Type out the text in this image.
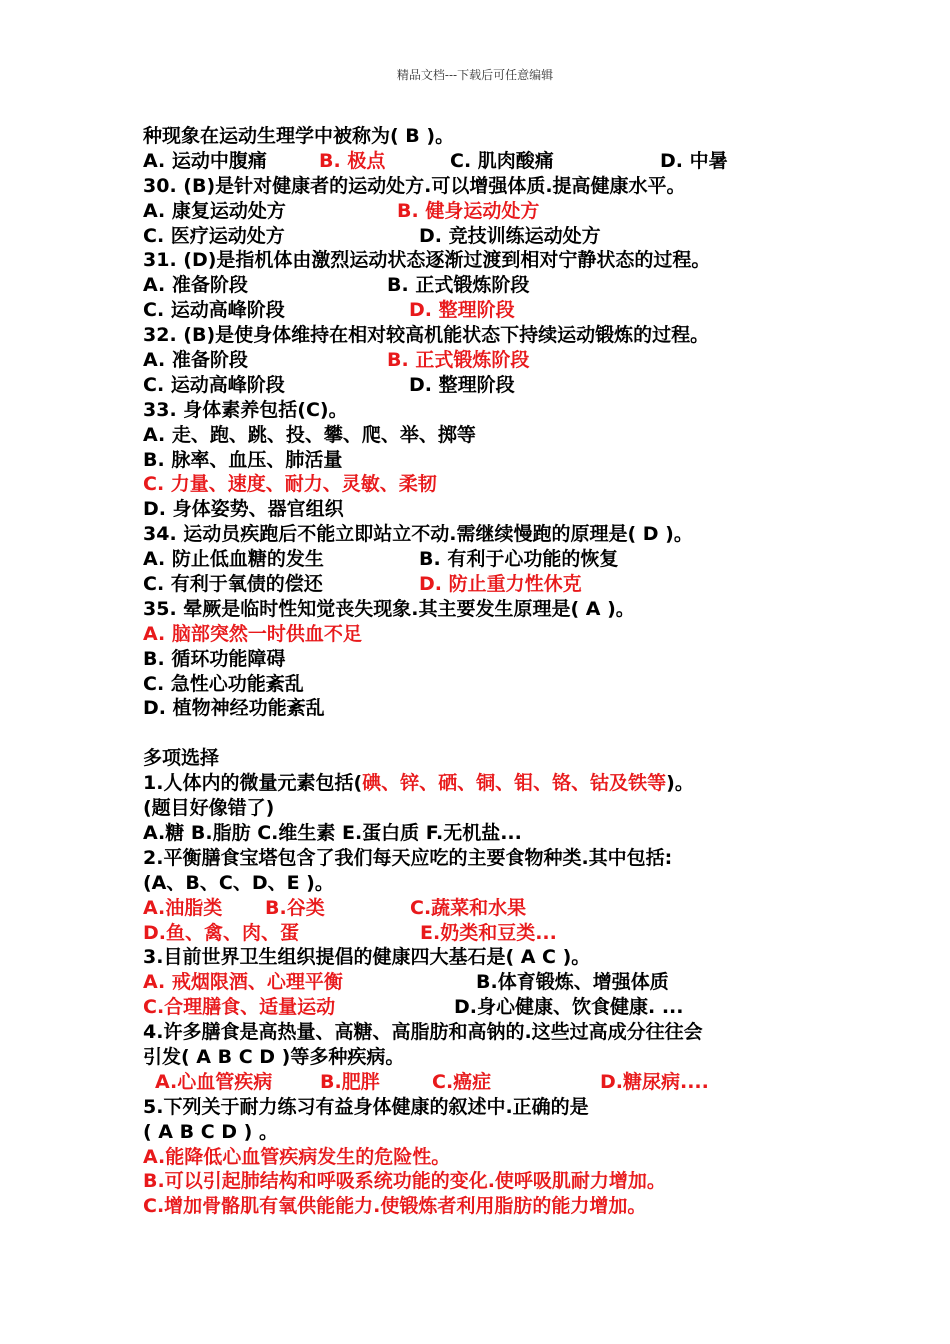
精品文档---下载后可任意编辑
种现象在运动生理学中被称为( B )。
A. 运动中腹痛	B. 极点	C. 肌肉酸痛	D. 中暑
30. (B)是针对健康者的运动处方.可以增强体质.提高健康水平。
A. 康复运动处方	B. 健身运动处方
C. 医疗运动处方	D. 竞技训练运动处方
31. (D)是指机体由激烈运动状态逐渐过渡到相对宁静状态的过程。
A. 准备阶段	B. 正式锻炼阶段
C. 运动高峰阶段	D. 整理阶段
32. (B)是使身体维持在相对较高机能状态下持续运动锻炼的过程。
A. 准备阶段	B. 正式锻炼阶段
C. 运动高峰阶段	D. 整理阶段
33. 身体素养包括(C)。
A. 走、跑、跳、投、攀、爬、举、掷等
B. 脉率、血压、肺活量
C. 力量、速度、耐力、灵敏、柔韧
D. 身体姿势、器官组织
34. 运动员疾跑后不能立即站立不动.需继续慢跑的原理是( D )。
A. 防止低血糖的发生	B. 有利于心功能的恢复
C. 有利于氧债的偿还	D. 防止重力性休克
35. 晕厥是临时性知觉丧失现象.其主要发生原理是( A )。
A. 脑部突然一时供血不足
B. 循环功能障碍
C. 急性心功能紊乱
D. 植物神经功能紊乱
多项选择
1.人体内的微量元素包括(碘、锌、硒、铜、钼、铬、钴及铁等)。
(题目好像错了)
A.糖 B.脂肪 C.维生素 E.蛋白质 F.无机盐...
2.平衡膳食宝塔包含了我们每天应吃的主要食物种类.其中包括:
(A、B、C、D、E )。
A.油脂类 B.谷类	C.蔬菜和水果
D.鱼、禽、肉、蛋	E.奶类和豆类...
3.目前世界卫生组织提倡的健康四大基石是( A C )。
A. 戒烟限酒、心理平衡	B.体育锻炼、增强体质
C.合理膳食、适量运动	D.身心健康、饮食健康. ...
4.许多膳食是高热量、高糖、高脂肪和高钠的.这些过高成分往往会
引发( A B C D )等多种疾病。
A.心血管疾病	B.肥胖	C.癌症	D.糖尿病....
5.下列关于耐力练习有益身体健康的叙述中.正确的是
( A B C D ) 。
A.能降低心血管疾病发生的危险性。
B.可以引起肺结构和呼吸系统功能的变化.使呼吸肌耐力增加。
C.增加骨骼肌有氧供能能力.使锻炼者利用脂肪的能力增加。
